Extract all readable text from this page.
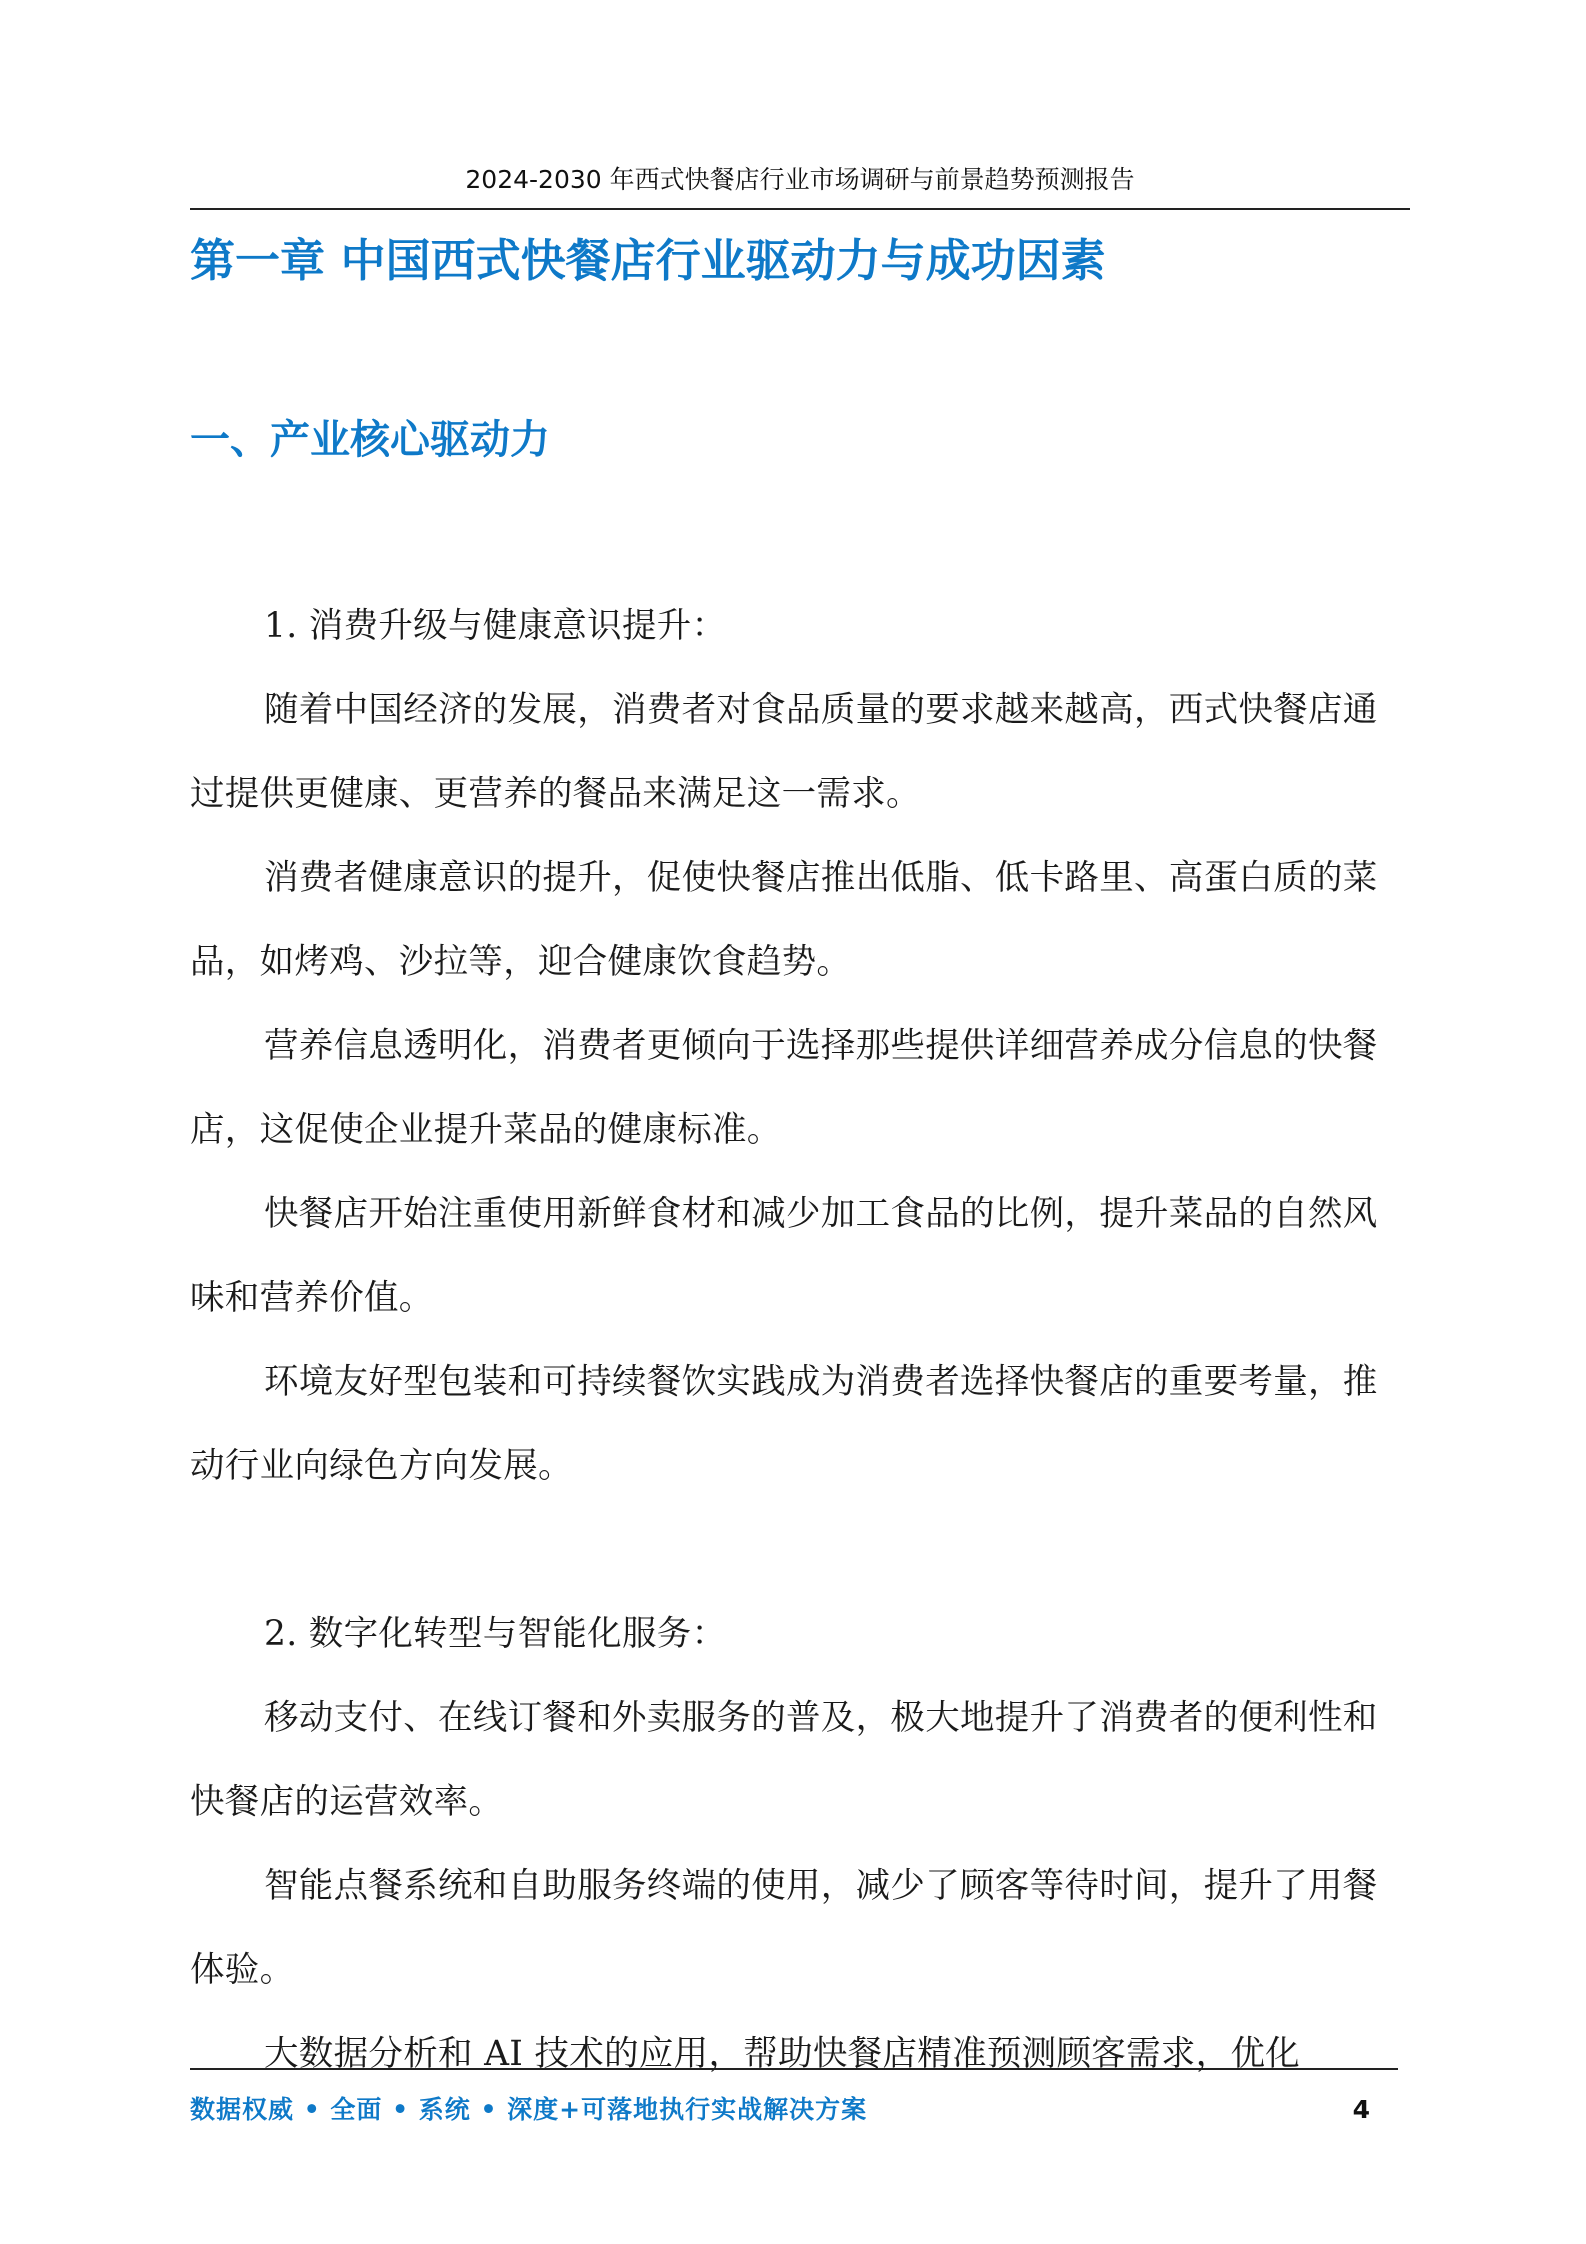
2024-2030 年西式快餐店行业市场调研与前景趋势预测报告
第一章 中国西式快餐店行业驱动力与成功因素
一、产业核心驱动力

1. 消费升级与健康意识提升：

随着中国经济的发展，消费者对食品质量的要求越来越高，西式快餐店通过提供更健康、更营养的餐品来满足这一需求。

消费者健康意识的提升，促使快餐店推出低脂、低卡路里、高蛋白质的菜品，如烤鸡、沙拉等，迎合健康饮食趋势。

营养信息透明化，消费者更倾向于选择那些提供详细营养成分信息的快餐店，这促使企业提升菜品的健康标准。

快餐店开始注重使用新鲜食材和减少加工食品的比例，提升菜品的自然风味和营养价值。

环境友好型包装和可持续餐饮实践成为消费者选择快餐店的重要考量，推动行业向绿色方向发展。

2. 数字化转型与智能化服务：

移动支付、在线订餐和外卖服务的普及，极大地提升了消费者的便利性和快餐店的运营效率。

智能点餐系统和自助服务终端的使用，减少了顾客等待时间，提升了用餐体验。

大数据分析和 AI 技术的应用，帮助快餐店精准预测顾客需求，优化

数据权威 • 全面 • 系统 • 深度+可落地执行实战解决方案	4
